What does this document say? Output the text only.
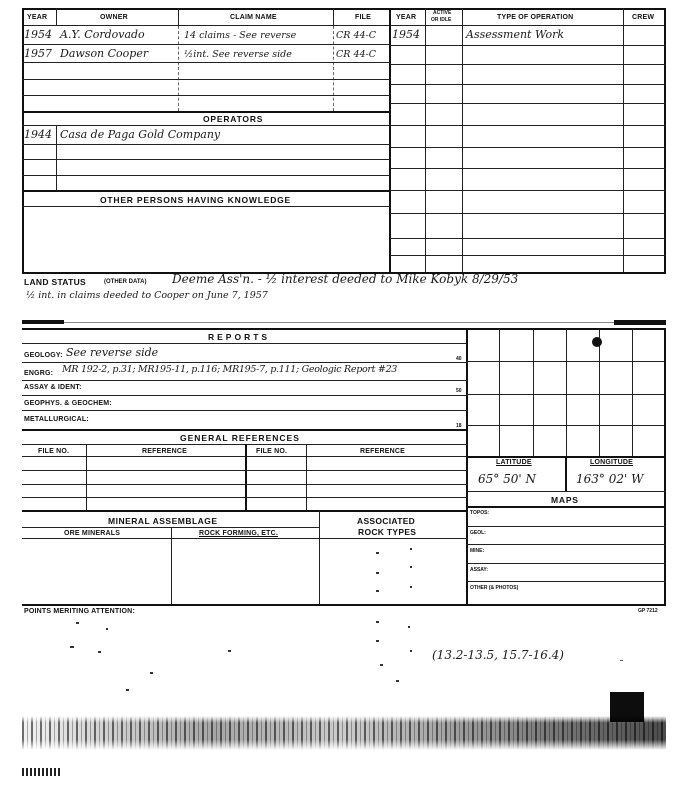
YEAR	OWNER	CLAIM NAME	FILE	YEAR
ACTIVE
OR IDLE	TYPE OF OPERATION	CREW
1954 A.Y. Cordovado	14 claims - See reverse	CR 44-C
1957 Dawson Cooper	½int. See reverse side	CR 44-C
1954	Assessment Work
OPERATORS
1944 Casa de Paga Gold Company
OTHER PERSONS HAVING KNOWLEDGE
LAND STATUS	(OTHER DATA) Deeme Ass'n. - ½ interest deeded to Mike Kobyk 8/29/53
½ int. in claims deeded to Cooper on June 7, 1957
REPORTS
GEOLOGY: See reverse side	40
ENGRG: MR 192-2, p.31; MR195-11, p.116; MR195-7, p.111; Geologic Report #23
ASSAY & IDENT:	50
GEOPHYS. & GEOCHEM:
METALLURGICAL:
18
GENERAL REFERENCES
FILE NO.	REFERENCE	FILE NO.	REFERENCE
LATITUDE	LONGITUDE
65° 50' N	163° 02' W
MAPS
TOPOS:
GEOL:
MINE:
ASSAY:
OTHER (& PHOTOS)
MINERAL ASSEMBLAGE	ASSOCIATED
ROCK TYPES
ORE MINERALS	ROCK FORMING, ETC.
POINTS MERITING ATTENTION:	GP 7212
(13.2-13.5, 15.7-16.4)
